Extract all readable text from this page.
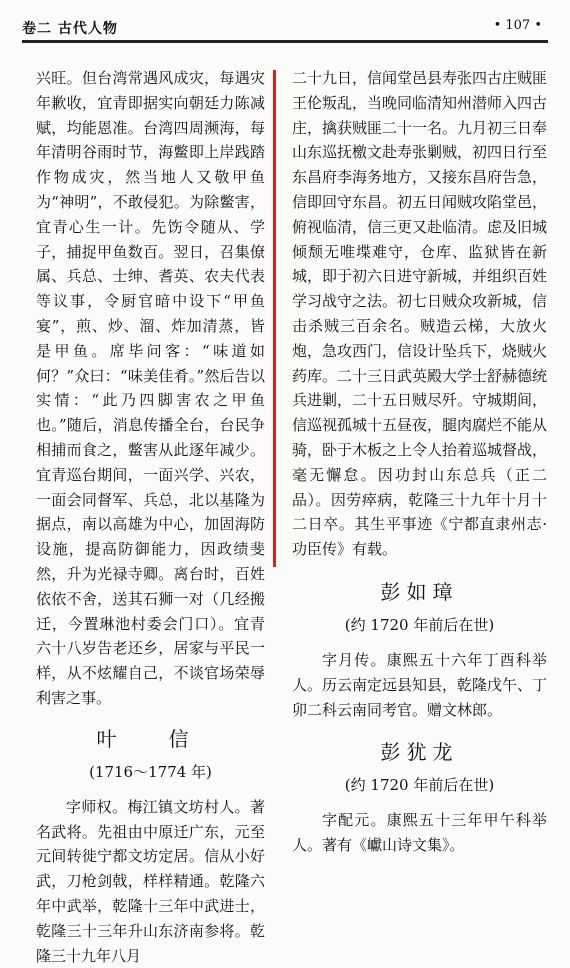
卷二 古代人物	• 107 •

兴旺。但台湾常遇风成灾，每遇灾年歉收，宜青即据实向朝廷力陈减赋，均能恩准。台湾四周濒海，每年清明谷雨时节，海鳖即上岸践踏作物成灾，然当地人又敬甲鱼为“神明”，不敢侵犯。为除鳖害，宜青心生一计。先饬令随从、学子，捕捉甲鱼数百。翌日，召集僚属、兵总、士绅、耆英、农夫代表等议事，令厨官暗中设下“甲鱼宴”，煎、炒、溜、炸加清蒸，皆是甲鱼。席毕问客：“味道如何？”众曰：“味美佳肴。”然后告以实情：“此乃四脚害农之甲鱼也。”随后，消息传播全台，台民争相捕而食之，鳖害从此逐年减少。宜青巡台期间，一面兴学、兴农，一面会同督军、兵总，北以基隆为据点，南以高雄为中心，加固海防设施，提高防御能力，因政绩斐然，升为光禄寺卿。离台时，百姓依依不舍，送其石狮一对（几经搬迁，今置琳池村委会门口）。宜青六十八岁告老还乡，居家与平民一样，从不炫耀自己，不谈官场荣辱利害之事。

叶　信
(1716～1774 年)

字师权。梅江镇文坊村人。著名武将。先祖由中原迁广东，元至元间转徙宁都文坊定居。信从小好武，刀枪剑戟，样样精通。乾隆六年中武举，乾隆十三年中武进士，乾隆三十三年升山东济南参将。乾隆三十九年八月

二十九日，信闻堂邑县寿张四古庄贼匪王伦叛乱，当晚同临清知州潜师入四古庄，擒获贼匪二十一名。九月初三日奉山东巡抚檄文赴寿张剿贼，初四日行至东昌府李海务地方，又接东昌府告急，信即回守东昌。初五日闻贼攻陷堂邑，俯视临清，信三更又赴临清。虑及旧城倾颓无唯堞难守，仓库、监狱皆在新城，即于初六日进守新城，并组织百姓学习战守之法。初七日贼众攻新城，信击杀贼三百余名。贼造云梯，大放火炮，急攻西门，信设计坠兵下，烧贼火药库。二十三日武英殿大学士舒赫德统兵进剿，二十五日贼尽歼。守城期间，信巡视孤城十五昼夜，腿肉腐烂不能从骑，卧于木板之上令人抬着巡城督战，毫无懈怠。因功封山东总兵（正二品）。因劳瘁病，乾隆三十九年十月十二日卒。其生平事迹《宁都直隶州志·功臣传》有载。

彭如璋
(约 1720 年前后在世)

字月传。康熙五十六年丁酉科举人。历云南定远县知县，乾隆戊午、丁卯二科云南同考官。赠文林郎。

彭犹龙
(约 1720 年前后在世)

字配元。康熙五十三年甲午科举人。著有《巘山诗文集》。
